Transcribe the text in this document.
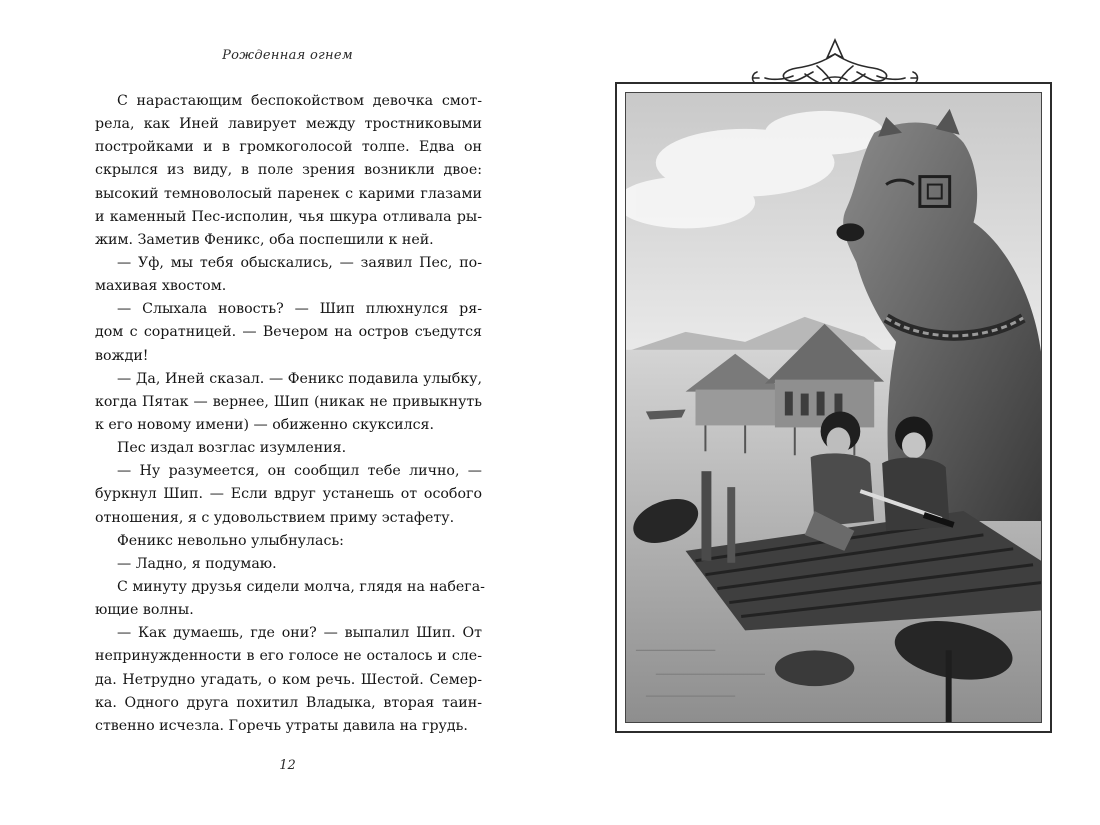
Рожденная огнем
С нарастающим беспокойством девочка смот-
рела, как Иней лавирует между тростниковыми
постройками и в громкоголосой толпе. Едва он
скрылся из виду, в поле зрения возникли двое:
высокий темноволосый паренек с карими глазами
и каменный Пес-исполин, чья шкура отливала ры-
жим. Заметив Феникс, оба поспешили к ней.
— Уф, мы тебя обыскались, — заявил Пес, по-
махивая хвостом.
— Слыхала новость? — Шип плюхнулся ря-
дом с соратницей. — Вечером на остров съедутся
вожди!
— Да, Иней сказал. — Феникс подавила улыбку,
когда Пятак — вернее, Шип (никак не привыкнуть
к его новому имени) — обиженно скуксился.
Пес издал возглас изумления.
— Ну разумеется, он сообщил тебе лично, —
буркнул Шип. — Если вдруг устанешь от особого
отношения, я с удовольствием приму эстафету.
Феникс невольно улыбнулась:
— Ладно, я подумаю.
С минуту друзья сидели молча, глядя на набега-
ющие волны.
— Как думаешь, где они? — выпалил Шип. От
непринужденности в его голосе не осталось и сле-
да. Нетрудно угадать, о ком речь. Шестой. Семер-
ка. Одного друга похитил Владыка, вторая таин-
ственно исчезла. Горечь утраты давила на грудь.
12
